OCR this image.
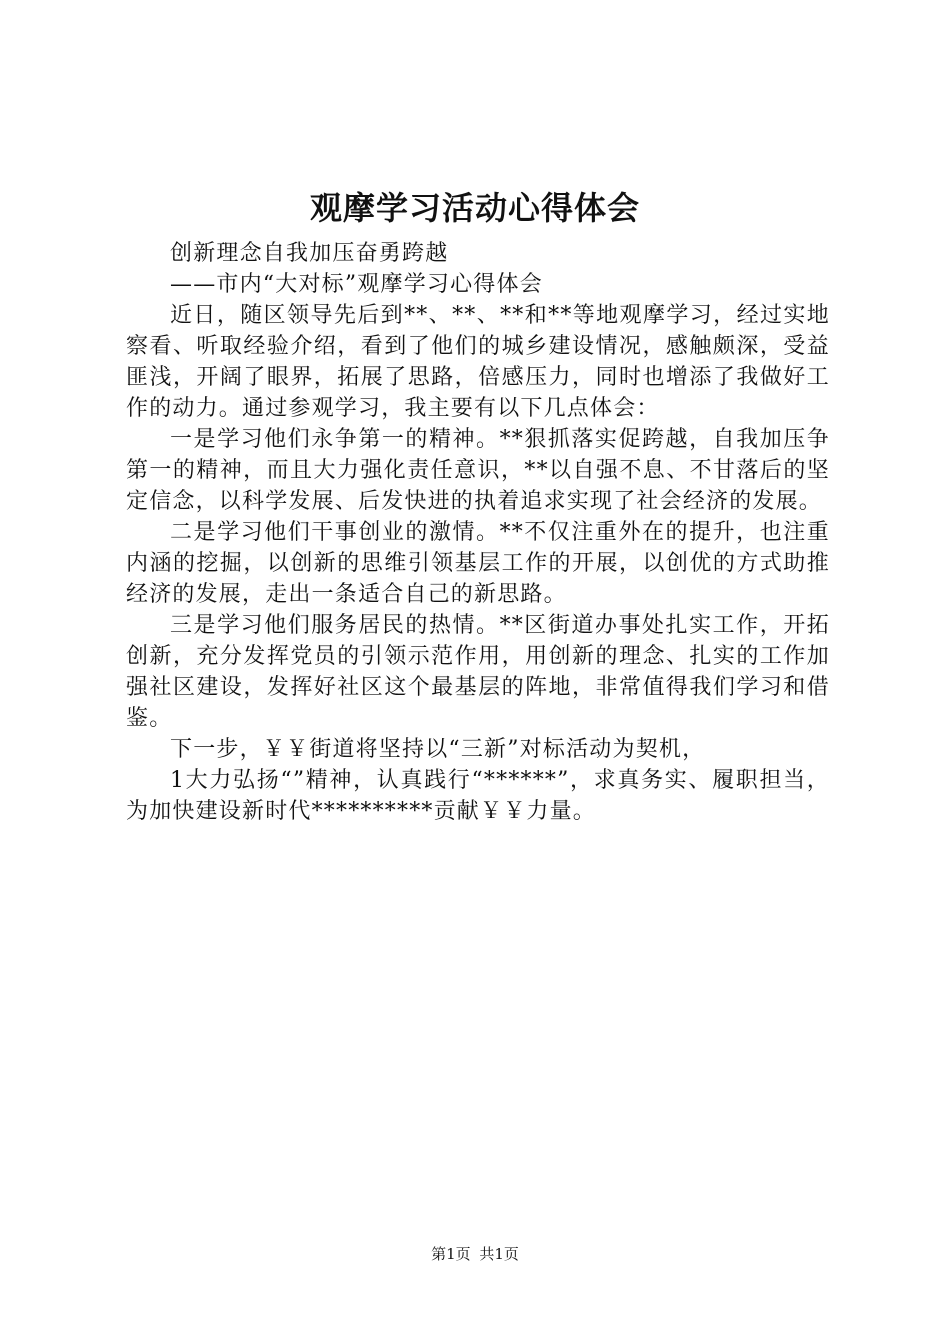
观摩学习活动心得体会

创新理念自我加压奋勇跨越

——市内“大对标”观摩学习心得体会

近日，随区领导先后到**、**、**和**等地观摩学习，经过实地察看、听取经验介绍，看到了他们的城乡建设情况，感触颇深，受益匪浅，开阔了眼界，拓展了思路，倍感压力，同时也增添了我做好工作的动力。通过参观学习，我主要有以下几点体会：

一是学习他们永争第一的精神。**狠抓落实促跨越，自我加压争第一的精神，而且大力强化责任意识，**以自强不息、不甘落后的坚定信念，以科学发展、后发快进的执着追求实现了社会经济的发展。

二是学习他们干事创业的激情。**不仅注重外在的提升，也注重内涵的挖掘，以创新的思维引领基层工作的开展，以创优的方式助推经济的发展，走出一条适合自己的新思路。

三是学习他们服务居民的热情。**区街道办事处扎实工作，开拓创新，充分发挥党员的引领示范作用，用创新的理念、扎实的工作加强社区建设，发挥好社区这个最基层的阵地，非常值得我们学习和借鉴。

下一步，￥￥街道将坚持以“三新”对标活动为契机，

1大力弘扬“”精神，认真践行“******”，求真务实、履职担当，为加快建设新时代**********贡献￥￥力量。

第1页 共1页
